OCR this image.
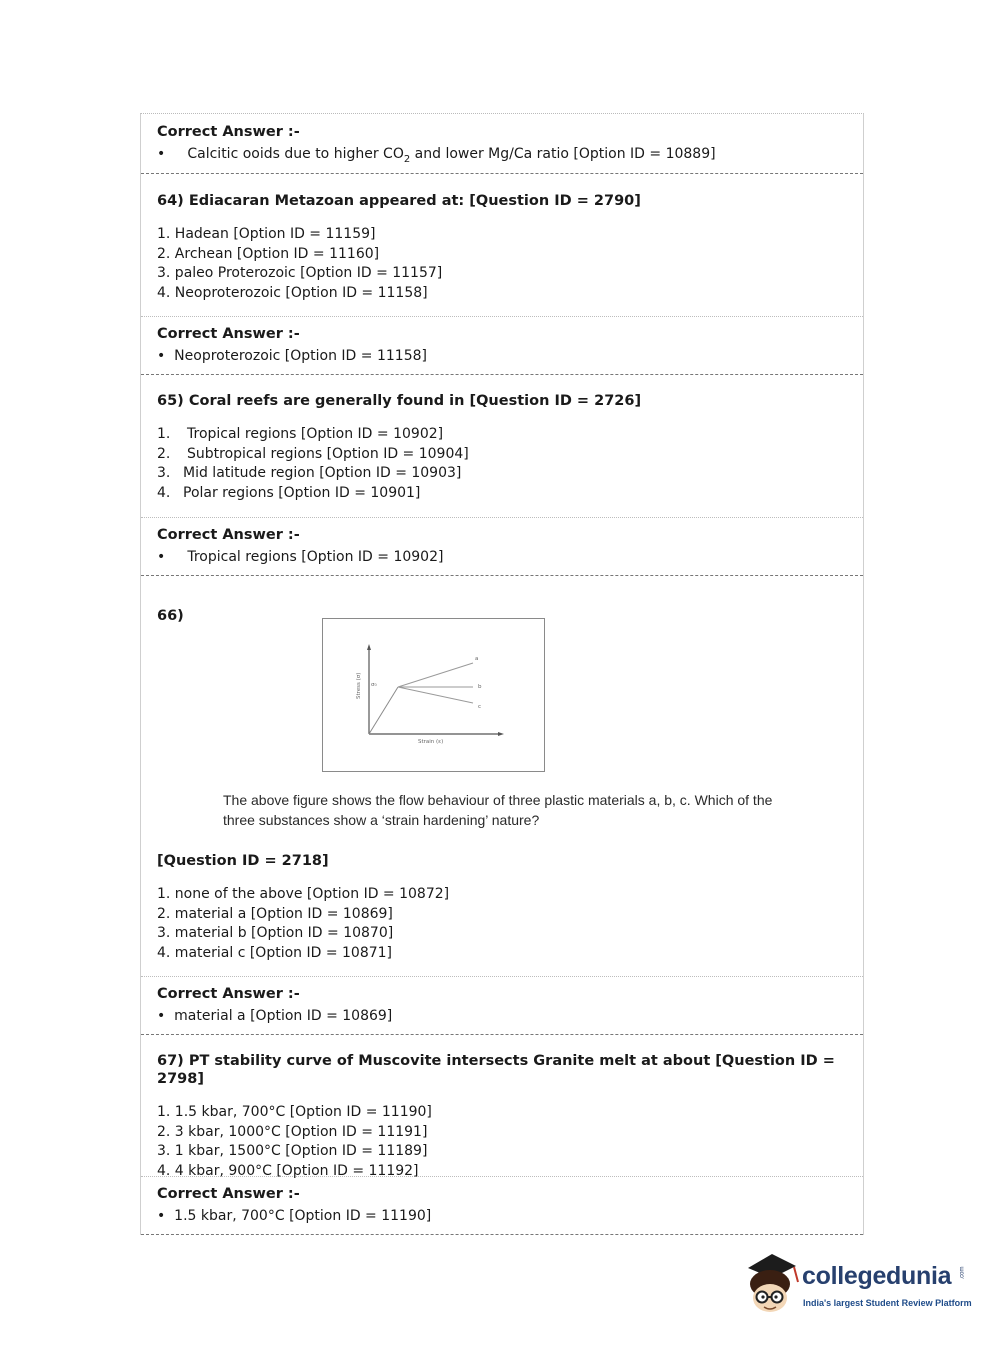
Correct Answer :-
• Calcitic ooids due to higher $CO_2$ and lower Mg/Ca ratio [Option ID = 10889]
64) Ediacaran Metazoan appeared at: [Question ID = 2790]
1. Hadean [Option ID = 11159]
2. Archean [Option ID = 11160]
3. paleo Proterozoic [Option ID = 11157]
4. Neoproterozoic [Option ID = 11158]
Correct Answer :-
• Neoproterozoic [Option ID = 11158]
65) Coral reefs are generally found in [Question ID = 2726]
1. Tropical regions [Option ID = 10902]
2. Subtropical regions [Option ID = 10904]
3. Mid latitude region [Option ID = 10903]
4. Polar regions [Option ID = 10901]
Correct Answer :-
• Tropical regions [Option ID = 10902]
66)
Stress (σ)
Strain (ε)
σ₀
a
b
c
The above figure shows the flow behaviour of three plastic materials a, b, c. Which of the
three substances show a ‘strain hardening’ nature?
[Question ID = 2718]
1. none of the above [Option ID = 10872]
2. material a [Option ID = 10869]
3. material b [Option ID = 10870]
4. material c [Option ID = 10871]
Correct Answer :-
• material a [Option ID = 10869]
67) PT stability curve of Muscovite intersects Granite melt at about [Question ID = 2798]
1. 1.5 kbar, 700°C [Option ID = 11190]
2. 3 kbar, 1000°C [Option ID = 11191]
3. 1 kbar, 1500°C [Option ID = 11189]
4. 4 kbar, 900°C [Option ID = 11192]
Correct Answer :-
• 1.5 kbar, 700°C [Option ID = 11190]
collegedunia .com
India's largest Student Review Platform
